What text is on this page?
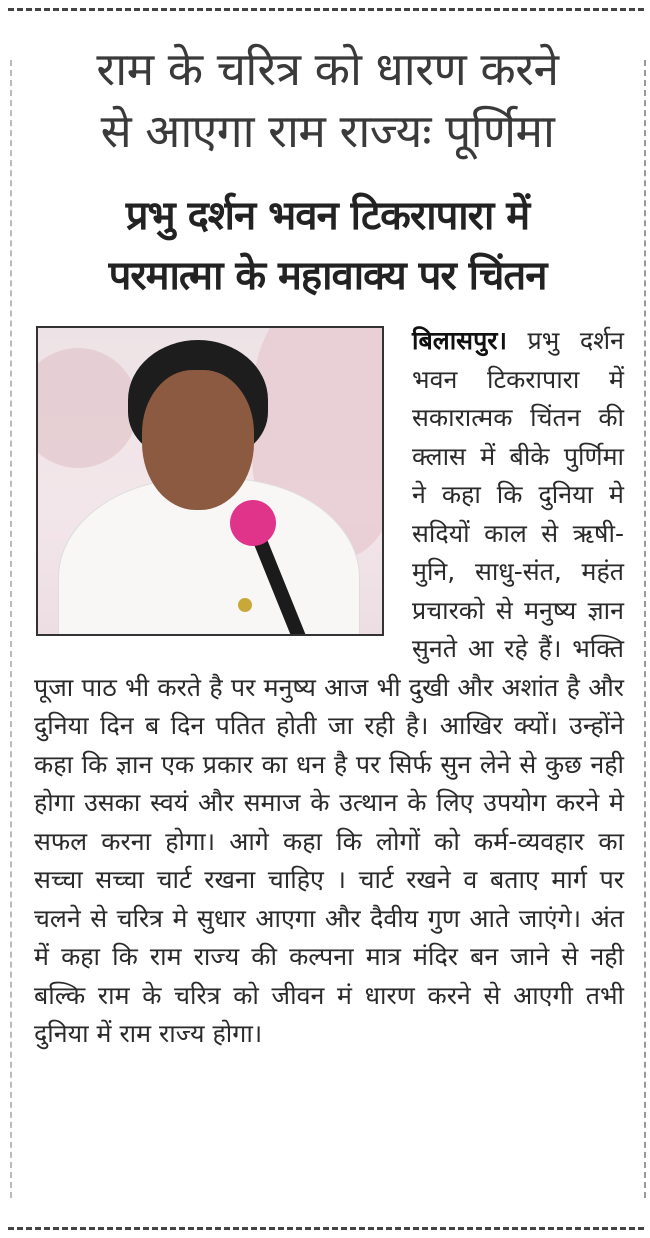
राम के चरित्र को धारण करने
से आएगा राम राज्यः पूर्णिमा
प्रभु दर्शन भवन टिकरापारा में
परमात्मा के महावाक्य पर चिंतन
बिलासपुर।
प्रभु दर्शन भवन टिकरापारा में सकारात्मक चिंतन की क्लास में बीके पुर्णिमा ने कहा कि दुनिया मे सदियों काल से ऋषी-मुनि, साधु-संत, महंत प्रचारको से मनुष्य ज्ञान सुनते आ रहे हैं। भक्ति पूजा पाठ भी करते है पर मनुष्य आज भी दुखी और अशांत है और दुनिया दिन ब दिन पतित होती जा रही है। आखिर क्यों। उन्होंने कहा कि ज्ञान एक प्रकार का धन है पर सिर्फ सुन लेने से कुछ नही होगा उसका स्वयं और समाज के उत्थान के लिए उपयोग करने मे सफल करना होगा। आगे कहा कि लोगों को कर्म-व्यवहार का सच्चा सच्चा चार्ट रखना चाहिए । चार्ट रखने व बताए मार्ग पर चलने से चरित्र मे सुधार आएगा और दैवीय गुण आते जाएंगे। अंत में कहा कि राम राज्य की कल्पना मात्र मंदिर बन जाने से नही बल्कि राम के चरित्र को जीवन मं धारण करने से आएगी तभी दुनिया में राम राज्य होगा।
